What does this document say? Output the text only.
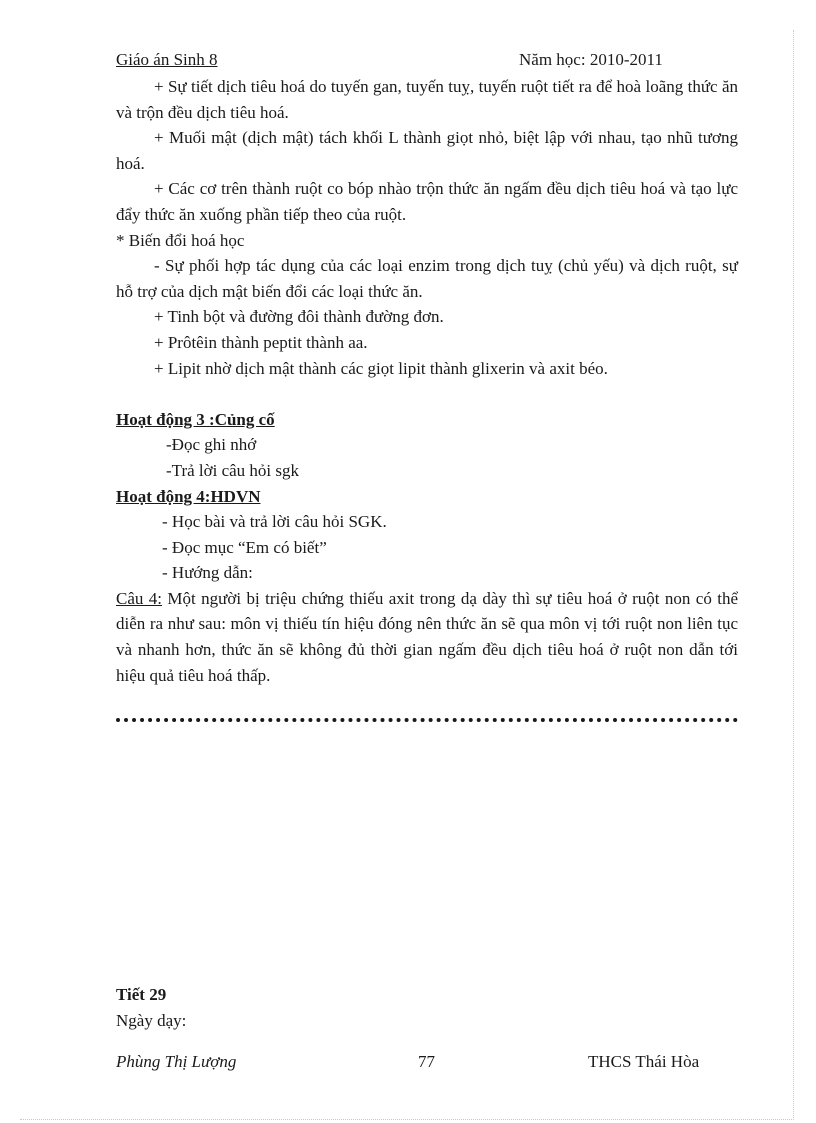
Giáo án Sinh 8	Năm học: 2010-2011

+ Sự tiết dịch tiêu hoá do tuyến gan, tuyến tuỵ, tuyến ruột tiết ra để hoà loãng thức ăn và trộn đều dịch tiêu hoá.

+ Muối mật (dịch mật) tách khối L thành giọt nhỏ, biệt lập với nhau, tạo nhũ tương hoá.

+ Các cơ trên thành ruột co bóp nhào trộn thức ăn ngấm đều dịch tiêu hoá và tạo lực đẩy thức ăn xuống phần tiếp theo của ruột.

* Biến đổi hoá học

- Sự phối hợp tác dụng của các loại enzim trong dịch tuỵ (chủ yếu) và dịch ruột, sự hỗ trợ của dịch mật biến đổi các loại thức ăn.

+ Tinh bột và đường đôi thành đường đơn.

+ Prôtêin thành peptit thành aa.

+ Lipit nhờ dịch mật thành các giọt lipit thành glixerin và axit béo.

Hoạt động 3 :Củng cố

-Đọc ghi nhớ

-Trả lời câu hỏi sgk

Hoạt động 4:HDVN

- Học bài và trả lời câu hỏi SGK.

- Đọc mục “Em có biết”

- Hướng dẫn:

Câu 4: Một người bị triệu chứng thiếu axit trong dạ dày thì sự tiêu hoá ở ruột non có thể diễn ra như sau: môn vị thiếu tín hiệu đóng nên thức ăn sẽ qua môn vị tới ruột non liên tục và nhanh hơn, thức ăn sẽ không đủ thời gian ngấm đều dịch tiêu hoá ở ruột non dẫn tới hiệu quả tiêu hoá thấp.

Tiết 29
Ngày dạy:
Phùng Thị Lượng	77	THCS Thái Hòa
